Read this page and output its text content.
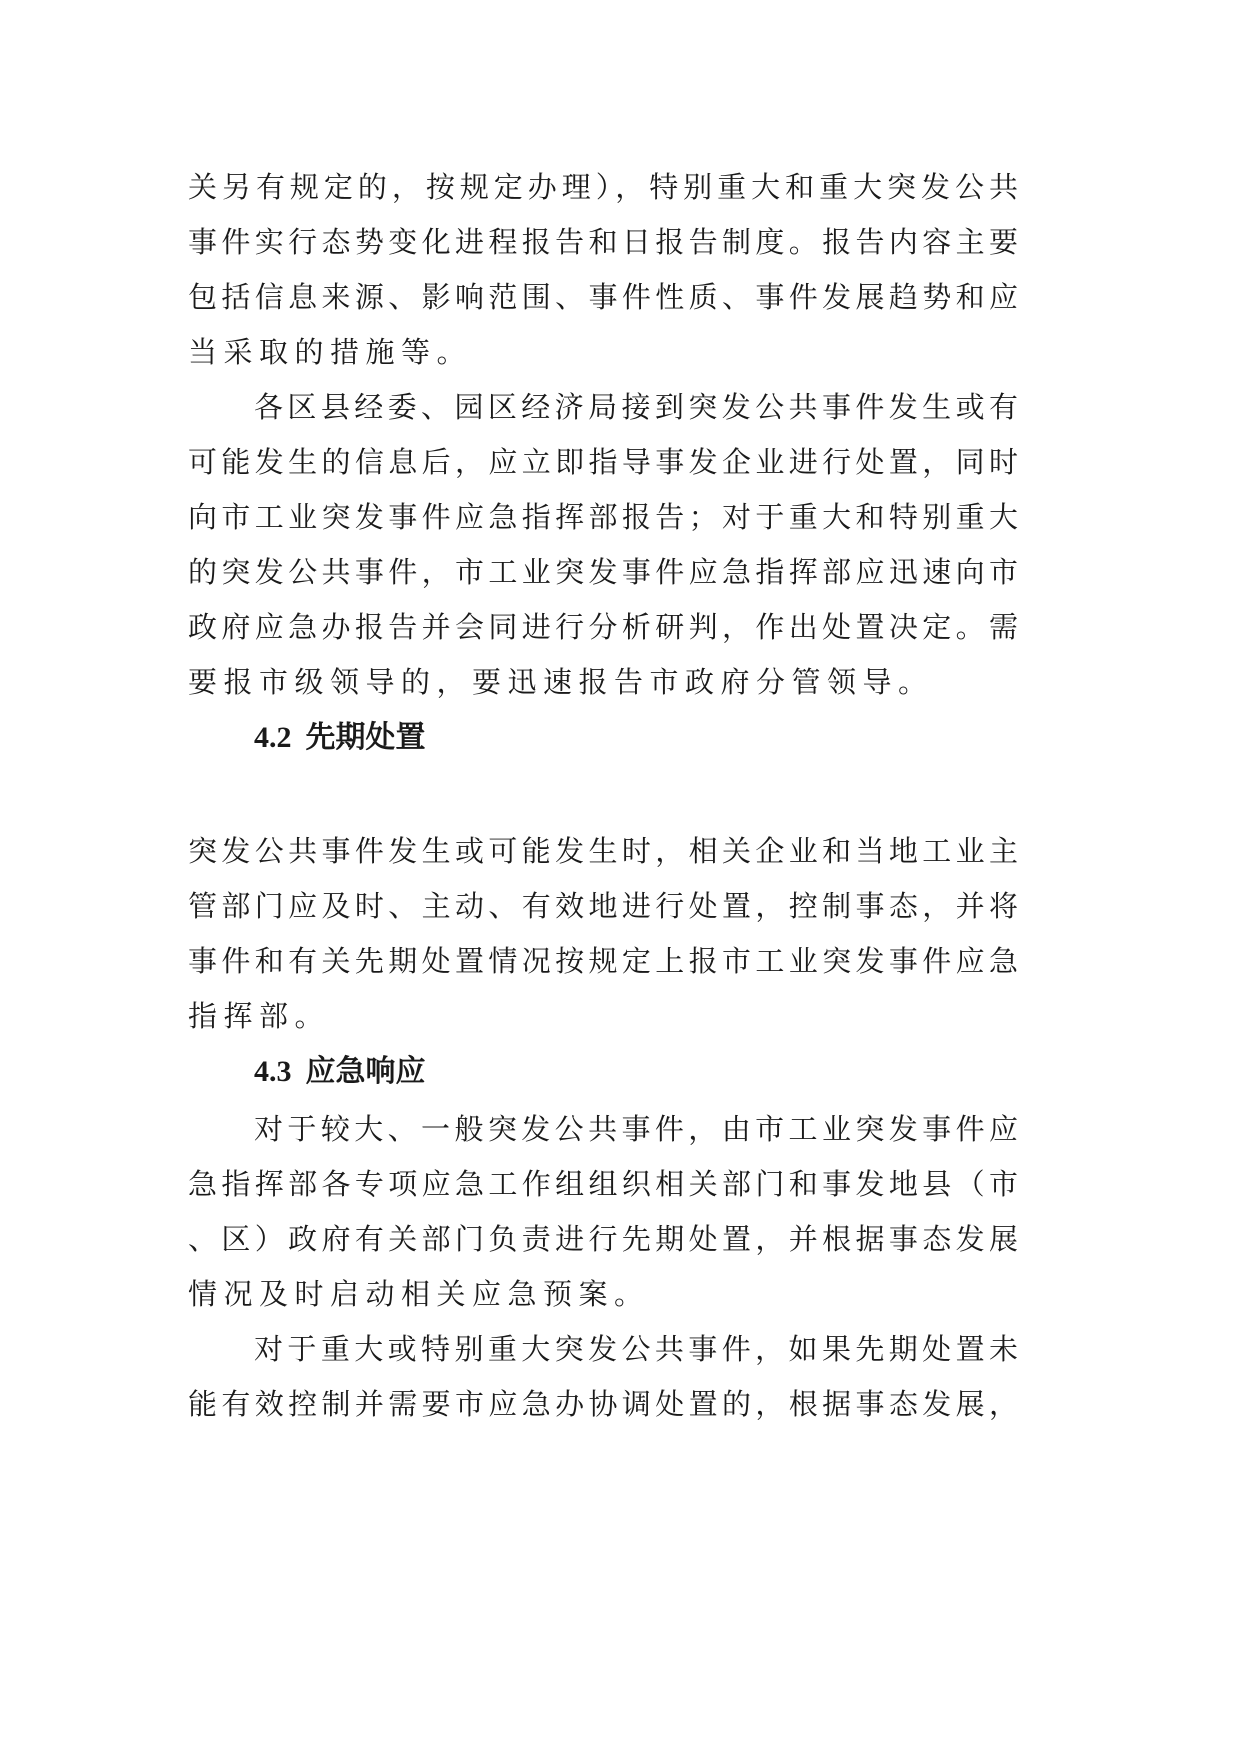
关另有规定的，按规定办理），特别重大和重大突发公共
事件实行态势变化进程报告和日报告制度。报告内容主要
包括信息来源、影响范围、事件性质、事件发展趋势和应
当采取的措施等。
各区县经委、园区经济局接到突发公共事件发生或有
可能发生的信息后，应立即指导事发企业进行处置，同时
向市工业突发事件应急指挥部报告；对于重大和特别重大
的突发公共事件，市工业突发事件应急指挥部应迅速向市
政府应急办报告并会同进行分析研判，作出处置决定。需
要报市级领导的，要迅速报告市政府分管领导。
4.2 先期处置
突发公共事件发生或可能发生时，相关企业和当地工业主
管部门应及时、主动、有效地进行处置，控制事态，并将
事件和有关先期处置情况按规定上报市工业突发事件应急
指挥部。
4.3 应急响应
对于较大、一般突发公共事件，由市工业突发事件应
急指挥部各专项应急工作组组织相关部门和事发地县（市
、区）政府有关部门负责进行先期处置，并根据事态发展
情况及时启动相关应急预案。
对于重大或特别重大突发公共事件，如果先期处置未
能有效控制并需要市应急办协调处置的，根据事态发展，
